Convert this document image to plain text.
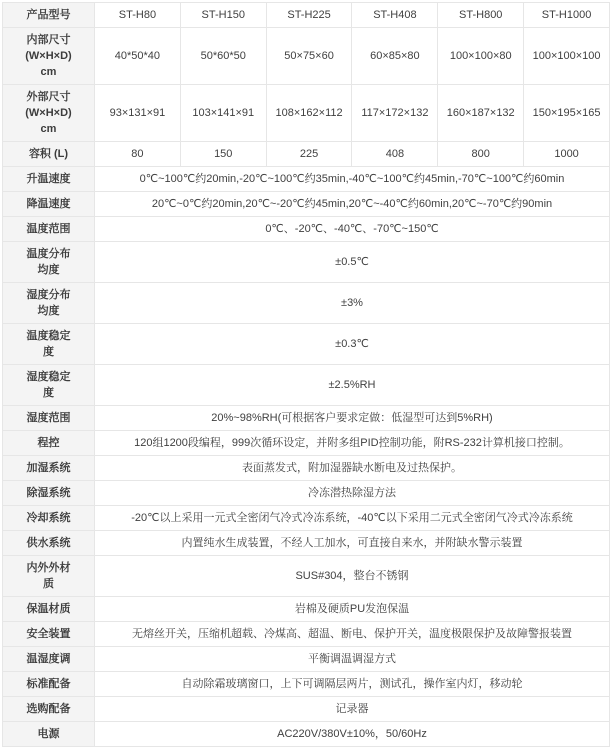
产品型号	ST-H80	ST-H150	ST-H225	ST-H408	ST-H800	ST-H1000

内部尺寸
(W×H×D)
cm	40*50*40	50*60*50	50×75×60	60×85×80	100×100×80	100×100×100

外部尺寸
(W×H×D)
cm	93×131×91	103×141×91	108×162×112	117×172×132	160×187×132	150×195×165

容积 (L)	80	150	225	408	800	1000

升温速度	0℃~100℃约20min,-20℃~100℃约35min,-40℃~100℃约45min,-70℃~100℃约60min					

降温速度	20℃~0℃约20min,20℃~-20℃约45min,20℃~-40℃约60min,20℃~-70℃约90min					

温度范围	0℃、-20℃、-40℃、-70℃~150℃					

温度分布
均度	±0.5℃					

湿度分布
均度	±3%					

温度稳定
度	±0.3℃					

湿度稳定
度	±2.5%RH					

湿度范围	20%~98%RH(可根据客户要求定做：低湿型可达到5%RH)					

程控	120组1200段编程，999次循环设定，并附多组PID控制功能，附RS-232计算机接口控制。					

加湿系统	表面蒸发式，附加湿器缺水断电及过热保护。					

除湿系统	冷冻潜热除湿方法					

冷却系统	-20℃以上采用一元式全密闭气冷式冷冻系统，-40℃以下采用二元式全密闭气冷式冷冻系统					

供水系统	内置纯水生成装置，不经人工加水，可直接自来水，并附缺水警示装置					

内外外材
质	SUS#304，整台不锈钢					

保温材质	岩棉及硬质PU发泡保温					

安全装置	无熔丝开关，压缩机超载、冷煤高、超温、断电、保护开关，温度极限保护及故障警报装置					

温湿度调	平衡调温调湿方式					

标准配备	自动除霜玻璃窗口，上下可调隔层两片，测试孔，操作室内灯，移动轮					

选购配备	记录器					

电源	AC220V/380V±10%，50/60Hz					
